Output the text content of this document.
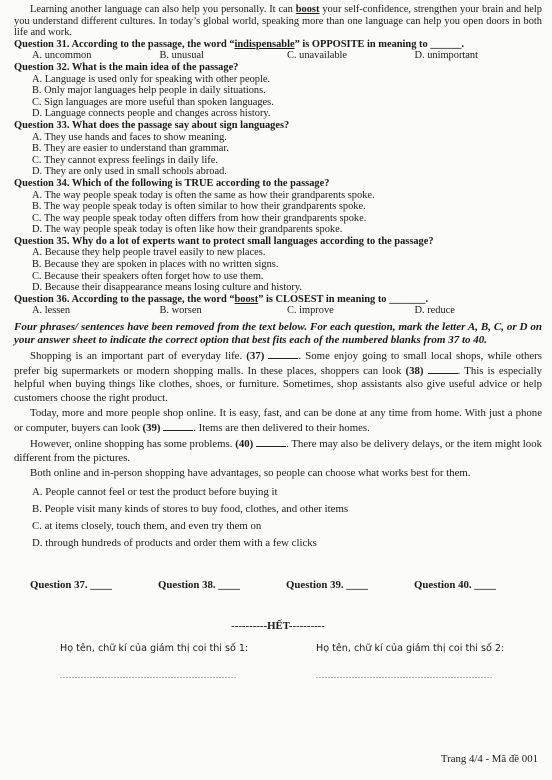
Learning another language can also help you personally. It can boost your self-confidence, strengthen your brain and help you understand different cultures. In today’s global world, speaking more than one language can help you open doors in both life and work.

Question 31. According to the passage, the word “indispensable” is OPPOSITE in meaning to ______.

A. uncommon	B. unusual	C. unavailable	D. unimportant

Question 32. What is the main idea of the passage?

A. Language is used only for speaking with other people.

B. Only major languages help people in daily situations.

C. Sign languages are more useful than spoken languages.

D. Language connects people and changes across history.

Question 33. What does the passage say about sign languages?

A. They use hands and faces to show meaning.

B. They are easier to understand than grammar.

C. They cannot express feelings in daily life.

D. They are only used in small schools abroad.

Question 34. Which of the following is TRUE according to the passage?

A. The way people speak today is often the same as how their grandparents spoke.

B. The way people speak today is often similar to how their grandparents spoke.

C. The way people speak today often differs from how their grandparents spoke.

D. The way people speak today is often like how their grandparents spoke.

Question 35. Why do a lot of experts want to protect small languages according to the passage?

A. Because they help people travel easily to new places.

B. Because they are spoken in places with no written signs.

C. Because their speakers often forget how to use them.

D. Because their disappearance means losing culture and history.

Question 36. According to the passage, the word “boost” is CLOSEST in meaning to _______.

A. lessen	B. worsen	C. improve	D. reduce

Four phrases/ sentences have been removed from the text below. For each question, mark the letter A, B, C, or D on your answer sheet to indicate the correct option that best fits each of the numbered blanks from 37 to 40.

Shopping is an important part of everyday life. (37)	. Some enjoy going to small local shops, while others prefer big supermarkets or modern shopping malls. In these places, shoppers can look (38)	. This is especially helpful when buying things like clothes, shoes, or furniture. Sometimes, shop assistants also give useful advice or help customers choose the right product.

Today, more and more people shop online. It is easy, fast, and can be done at any time from home. With just a phone or computer, buyers can look (39)	. Items are then delivered to their homes.

However, online shopping has some problems. (40)	. There may also be delivery delays, or the item might look different from the pictures.

Both online and in-person shopping have advantages, so people can choose what works best for them.

A. People cannot feel or test the product before buying it

B. People visit many kinds of stores to buy food, clothes, and other items

C. at items closely, touch them, and even try them on

D. through hundreds of products and order them with a few clicks

Question 37. ____	Question 38. ____	Question 39. ____	Question 40. ____

----------HẾT----------

Họ tên, chữ kí của giám thị coi thi số 1:	Họ tên, chữ kí của giám thị coi thi số 2:
...........................................................	...........................................................
Trang 4/4 - Mã đề 001
